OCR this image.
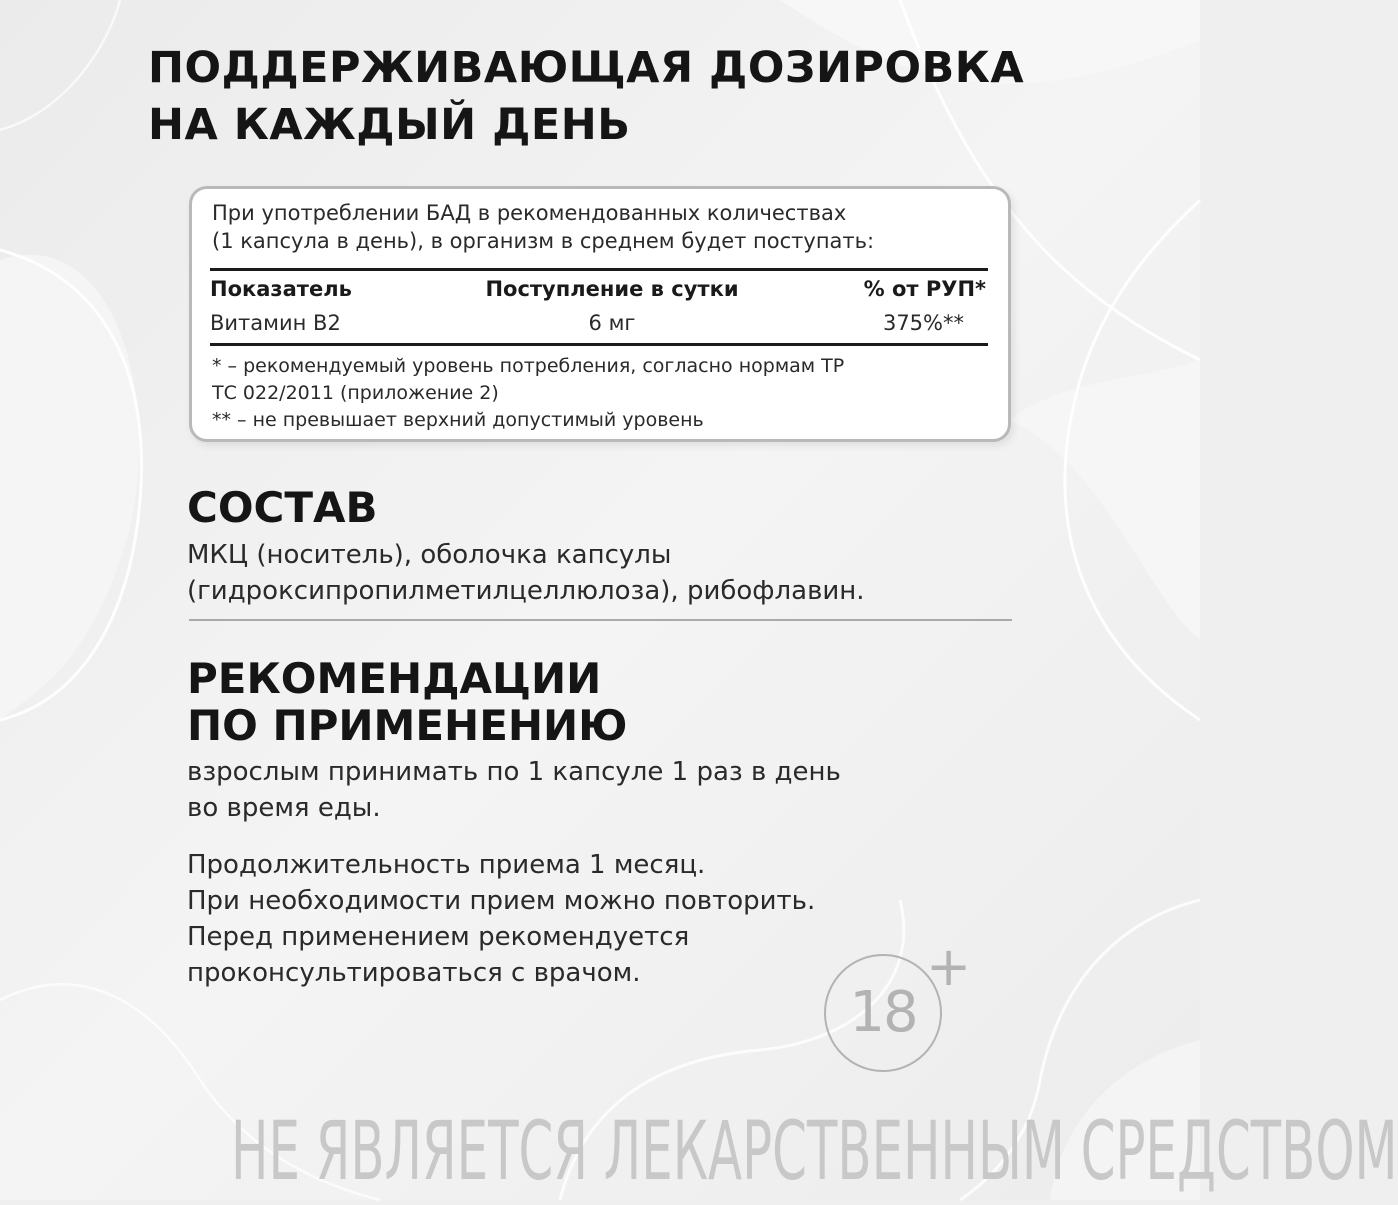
ПОДДЕРЖИВАЮЩАЯ ДОЗИРОВКА
НА КАЖДЫЙ ДЕНЬ
При употреблении БАД в рекомендованных количествах
(1 капсула в день), в организм в среднем будет поступать:
Показатель	Поступление в сутки	% от РУП*
Витамин В2	6 мг	375%**
* – рекомендуемый уровень потребления, согласно нормам ТР
ТС 022/2011 (приложение 2)
** – не превышает верхний допустимый уровень
СОСТАВ
МКЦ (носитель), оболочка капсулы
(гидроксипропилметилцеллюлоза), рибофлавин.
РЕКОМЕНДАЦИИ
ПО ПРИМЕНЕНИЮ
взрослым принимать по 1 капсуле 1 раз в день
во время еды.
Продолжительность приема 1 месяц.
При необходимости прием можно повторить.
Перед применением рекомендуется
проконсультироваться с врачом.
18
+
НЕ ЯВЛЯЕТСЯ ЛЕКАРСТВЕННЫМ СРЕДСТВОМ
